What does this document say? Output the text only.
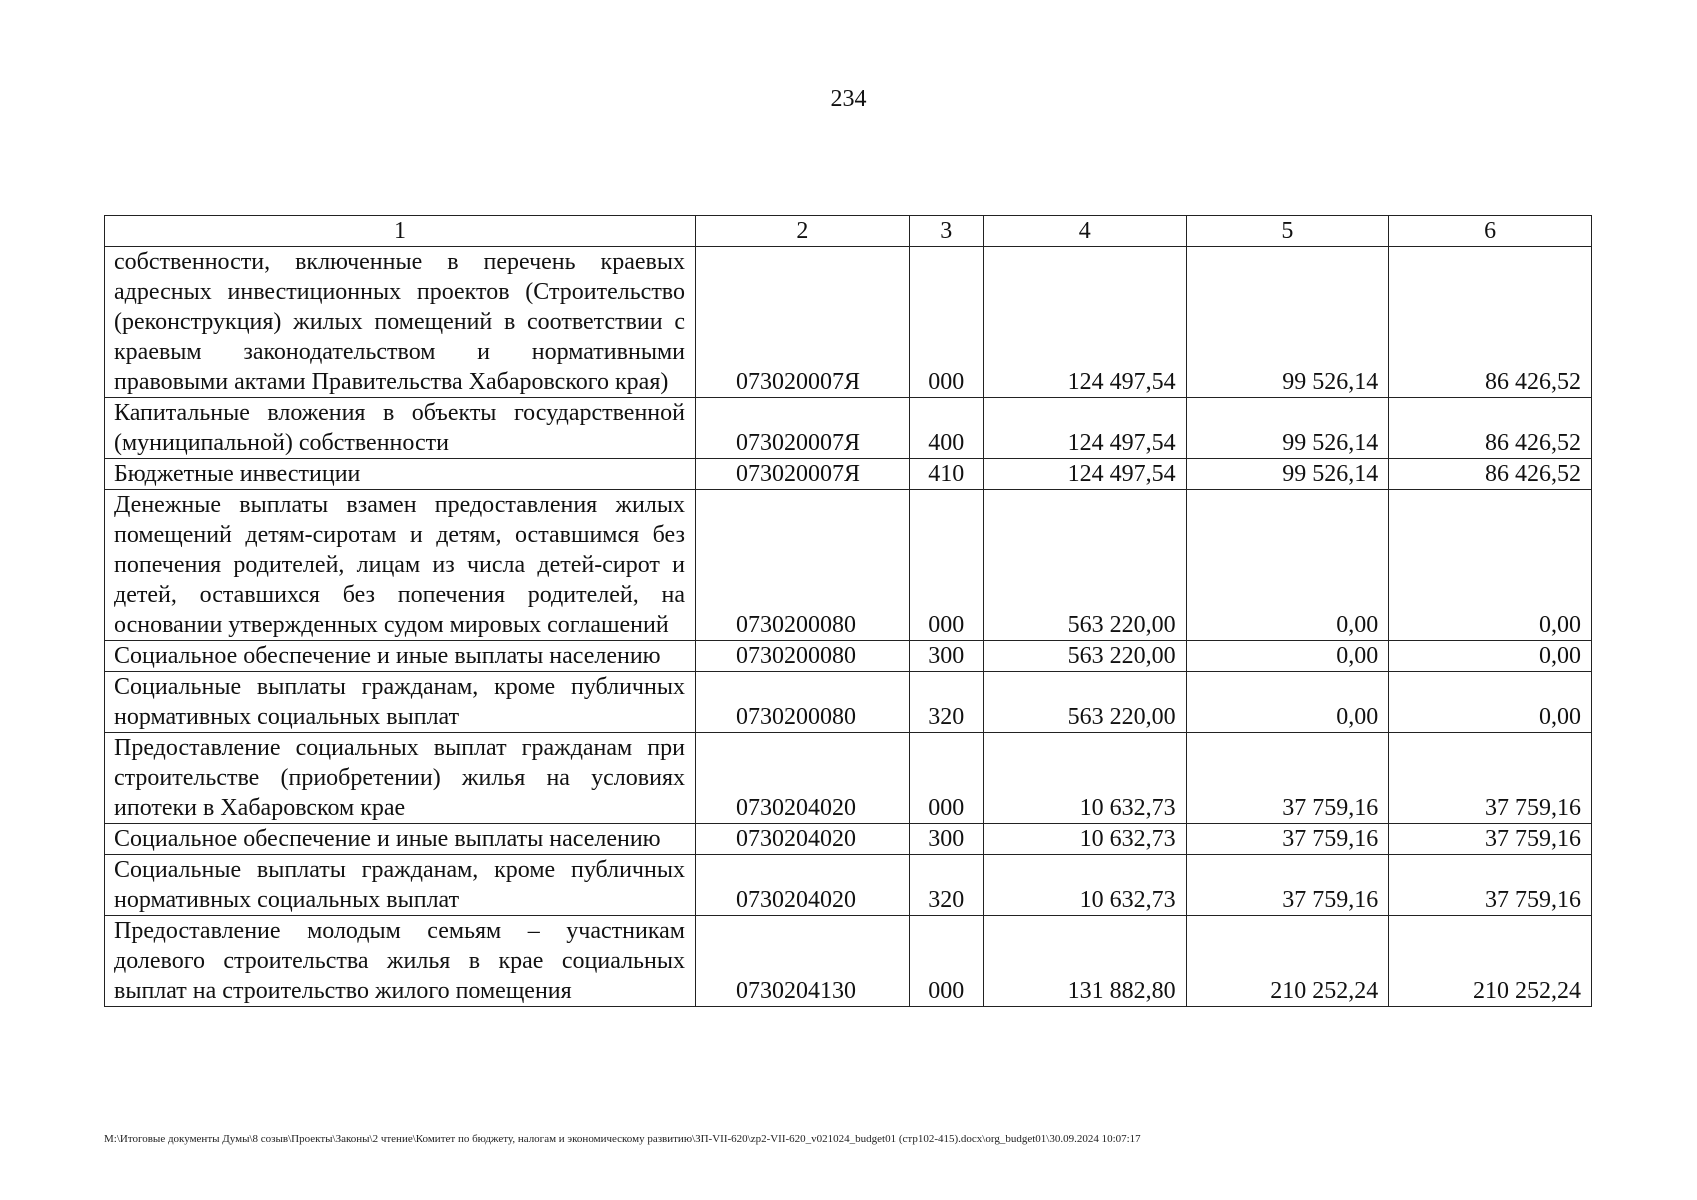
234
1	2	3	4	5	6
собственности, включенные в перечень краевых адресных инвестиционных проектов (Строительство (реконструкция) жилых помещений в соответствии с краевым законодательством и нормативными правовыми актами Правительства Хабаровского края)	073020007Я	000	124 497,54	99 526,14	86 426,52
Капитальные вложения в объекты государственной (муниципальной) собственности	073020007Я	400	124 497,54	99 526,14	86 426,52
Бюджетные инвестиции	073020007Я	410	124 497,54	99 526,14	86 426,52
Денежные выплаты взамен предоставления жилых помещений детям-сиротам и детям, оставшимся без попечения родителей, лицам из числа детей-сирот и детей, оставшихся без попечения родителей, на основании утвержденных судом мировых соглашений	0730200080	000	563 220,00	0,00	0,00
Социальное обеспечение и иные выплаты населению	0730200080	300	563 220,00	0,00	0,00
Социальные выплаты гражданам, кроме публичных нормативных социальных выплат	0730200080	320	563 220,00	0,00	0,00
Предоставление социальных выплат гражданам при строительстве (приобретении) жилья на условиях ипотеки в Хабаровском крае	0730204020	000	10 632,73	37 759,16	37 759,16
Социальное обеспечение и иные выплаты населению	0730204020	300	10 632,73	37 759,16	37 759,16
Социальные выплаты гражданам, кроме публичных нормативных социальных выплат	0730204020	320	10 632,73	37 759,16	37 759,16
Предоставление молодым семьям – участникам долевого строительства жилья в крае социальных выплат на строительство жилого помещения	0730204130	000	131 882,80	210 252,24	210 252,24
М:\Итоговые документы Думы\8 созыв\Проекты\Законы\2 чтение\Комитет по бюджету, налогам и экономическому развитию\ЗП-VII-620\zp2-VII-620_v021024_budget01 (стр102-415).docx\org_budget01\30.09.2024 10:07:17
